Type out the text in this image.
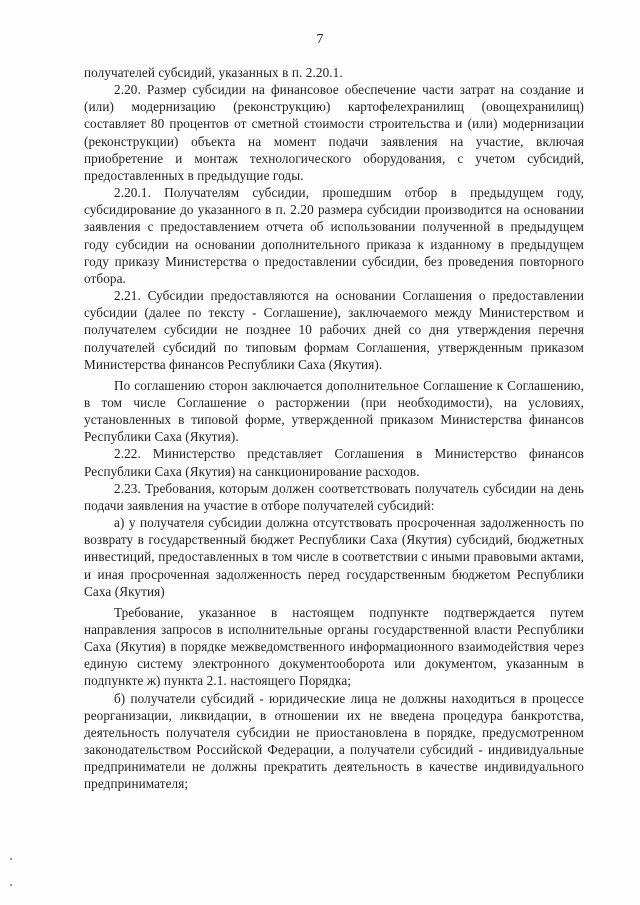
7

получателей субсидий, указанных в п. 2.20.1.

2.20. Размер субсидии на финансовое обеспечение части затрат на создание и (или) модернизацию (реконструкцию) картофелехранилищ (овощехранилищ) составляет 80 процентов от сметной стоимости строительства и (или) модернизации (реконструкции) объекта на момент подачи заявления на участие, включая приобретение и монтаж технологического оборудования, с учетом субсидий, предоставленных в предыдущие годы.

2.20.1. Получателям субсидии, прошедшим отбор в предыдущем году, субсидирование до указанного в п. 2.20 размера субсидии производится на основании заявления с предоставлением отчета об использовании полученной в предыдущем году субсидии на основании дополнительного приказа к изданному в предыдущем году приказу Министерства о предоставлении субсидии, без проведения повторного отбора.

2.21. Субсидии предоставляются на основании Соглашения о предоставлении субсидии (далее по тексту - Соглашение), заключаемого между Министерством и получателем субсидии не позднее 10 рабочих дней со дня утверждения перечня получателей субсидий по типовым формам Соглашения, утвержденным приказом Министерства финансов Республики Саха (Якутия).

По соглашению сторон заключается дополнительное Соглашение к Соглашению, в том числе Соглашение о расторжении (при необходимости), на условиях, установленных в типовой форме, утвержденной приказом Министерства финансов Республики Саха (Якутия).

2.22. Министерство представляет Соглашения в Министерство финансов Республики Саха (Якутия) на санкционирование расходов.

2.23. Требования, которым должен соответствовать получатель субсидии на день подачи заявления на участие в отборе получателей субсидий:

а) у получателя субсидии должна отсутствовать просроченная задолженность по возврату в государственный бюджет Республики Саха (Якутия) субсидий, бюджетных инвестиций, предоставленных в том числе в соответствии с иными правовыми актами, и иная просроченная задолженность перед государственным бюджетом Республики Саха (Якутия)

Требование, указанное в настоящем подпункте подтверждается путем направления запросов в исполнительные органы государственной власти Республики Саха (Якутия) в порядке межведомственного информационного взаимодействия через единую систему электронного документооборота или документом, указанным в подпункте ж) пункта 2.1. настоящего Порядка;

б) получатели субсидий - юридические лица не должны находиться в процессе реорганизации, ликвидации, в отношении их не введена процедура банкротства, деятельность получателя субсидии не приостановлена в порядке, предусмотренном законодательством Российской Федерации, а получатели субсидий - индивидуальные предприниматели не должны прекратить деятельность в качестве индивидуального предпринимателя;
